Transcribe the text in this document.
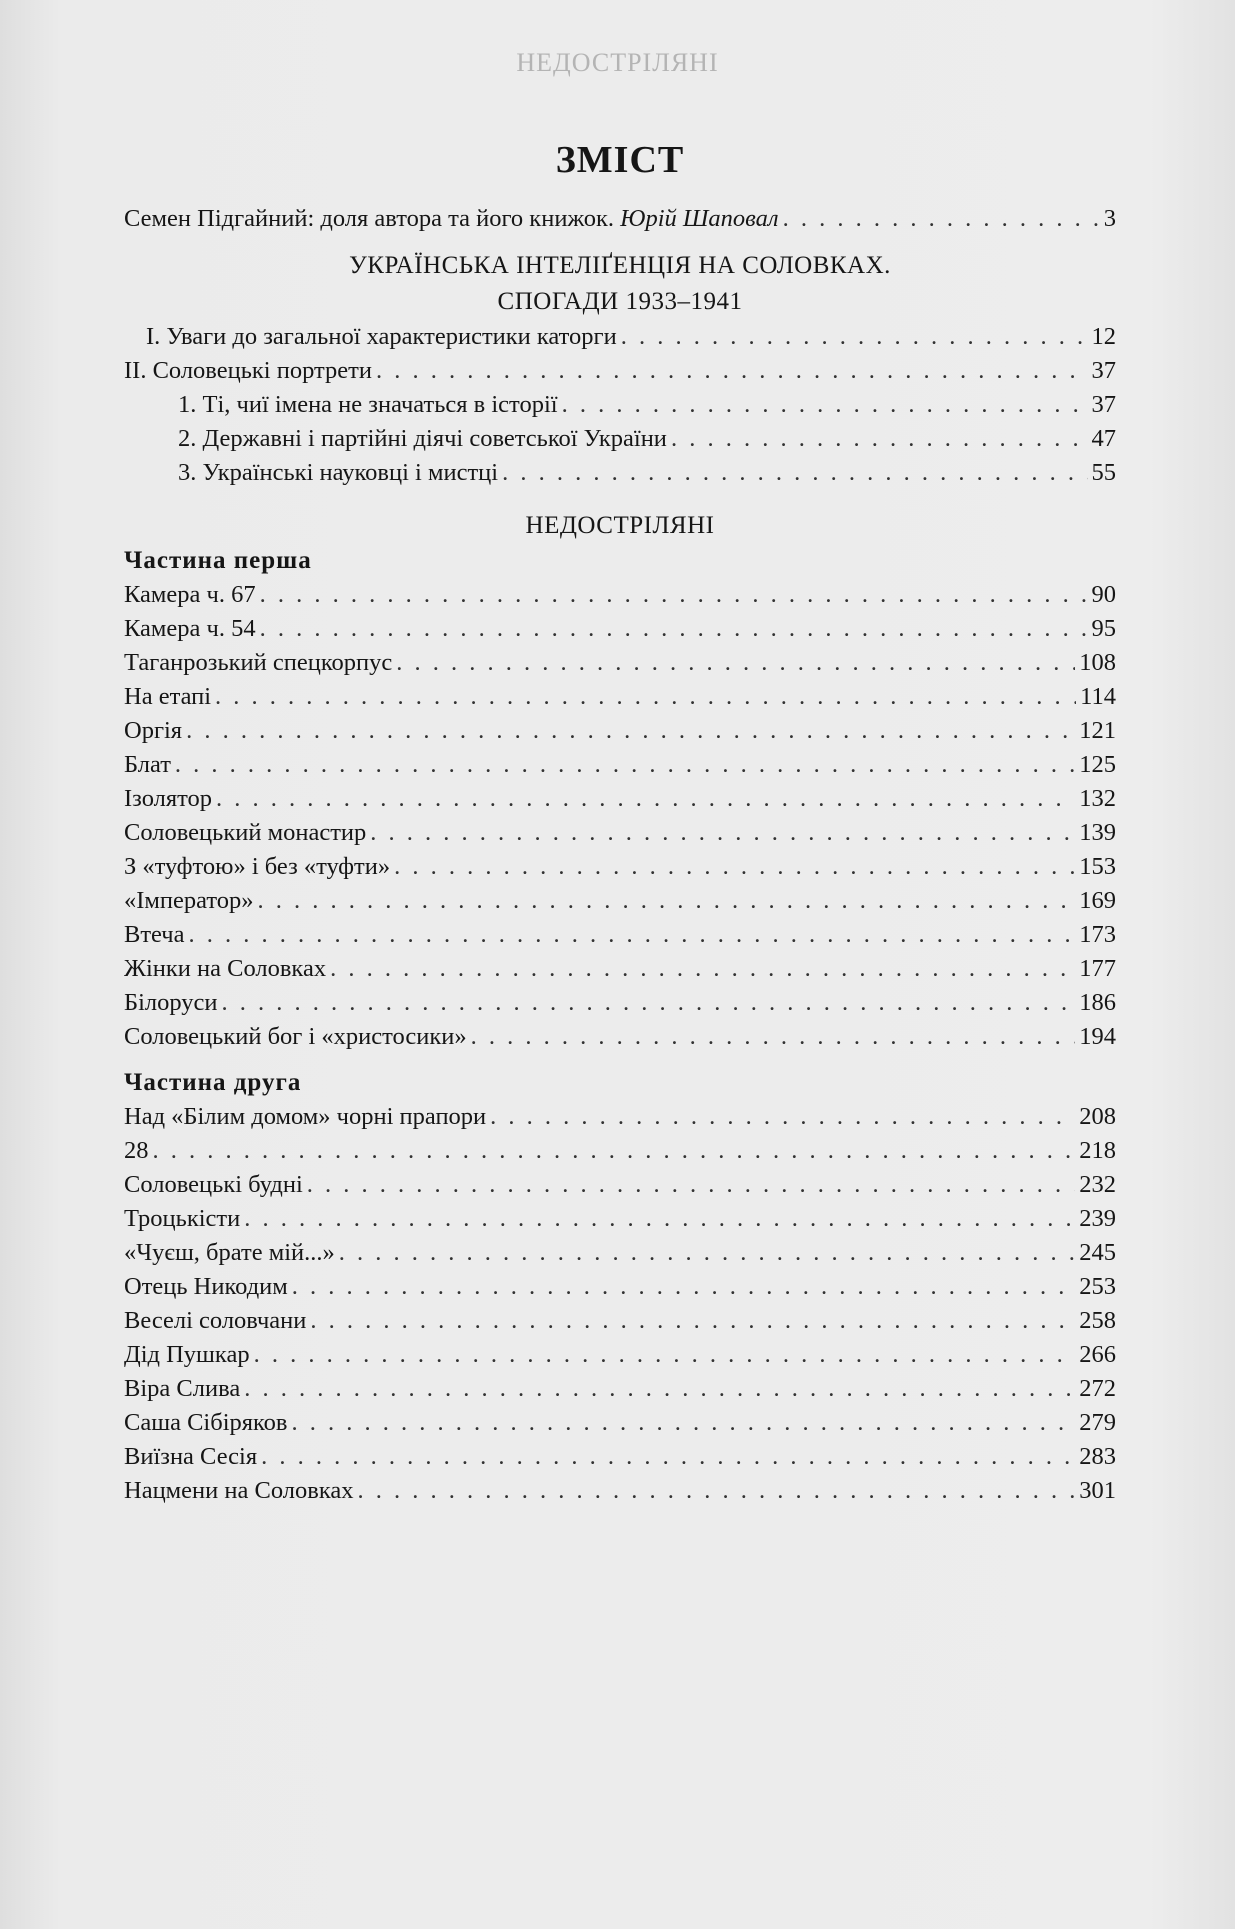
НЕДОСТРІЛЯНІ
ЗМІСТ
Семен Підгайний: доля автора та його книжок. Юрій Шаповал . . .	3
УКРАЇНСЬКА ІНТЕЛІҐЕНЦІЯ НА СОЛОВКАХ.
СПОГАДИ 1933–1941
I. Уваги до загальної характеристики каторги . . .	12
II. Соловецькі портрети . . .	37
1. Ті, чиї імена не значаться в історії . . .	37
2. Державні і партійні діячі советської України . . .	47
3. Українські науковці і мистці . . .	55
НЕДОСТРІЛЯНІ
Частина перша
Камера ч. 67 . . .	90
Камера ч. 54 . . .	95
Таганрозький спецкорпус . . .	108
На етапі . . .	114
Оргія . . .	121
Блат . . .	125
Ізолятор . . .	132
Соловецький монастир . . .	139
З «туфтою» і без «туфти» . . .	153
«Імператор» . . .	169
Втеча . . .	173
Жінки на Соловках . . .	177
Білоруси . . .	186
Соловецький бог і «христосики» . . .	194
Частина друга
Над «Білим домом» чорні прапори . . .	208
28 . . .	218
Соловецькі будні . . .	232
Троцькісти . . .	239
«Чуєш, брате мій...» . . .	245
Отець Никодим . . .	253
Веселі соловчани . . .	258
Дід Пушкар . . .	266
Віра Слива . . .	272
Саша Сібіряков . . .	279
Виїзна Сесія . . .	283
Нацмени на Соловках . . .	301
